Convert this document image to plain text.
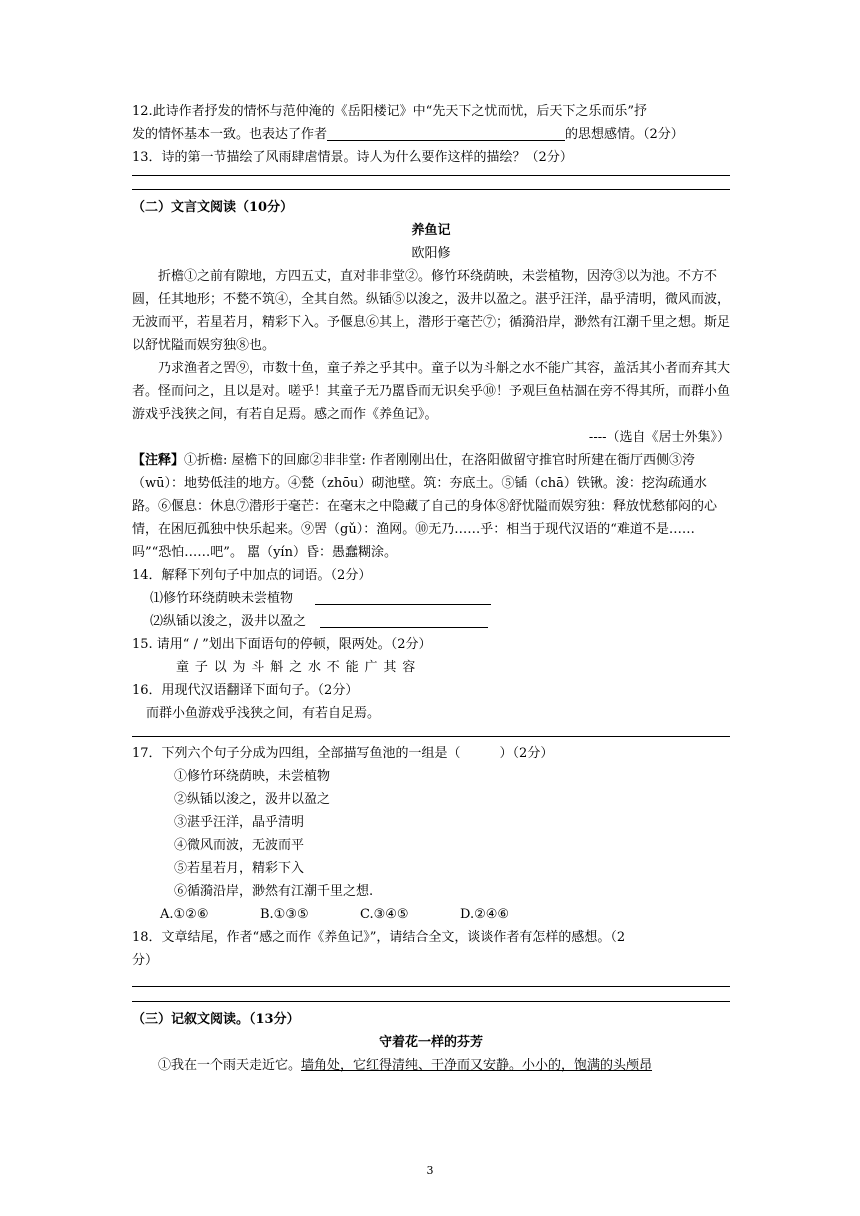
12.此诗作者抒发的情怀与范仲淹的《岳阳楼记》中“先天下之忧而忧，后天下之乐而乐”抒

发的情怀基本一致。也表达了作者	的思想感情。（2分）

13．诗的第一节描绘了风雨肆虐情景。诗人为什么要作这样的描绘？（2分）

（二）文言文阅读（10分）

养鱼记

欧阳修

折檐①之前有隙地，方四五丈，直对非非堂②。修竹环绕荫映，未尝植物，因洿③以为池。不方不圆，任其地形；不甃不筑④，全其自然。纵锸⑤以浚之，汲井以盈之。湛乎汪洋，晶乎清明，微风而波，无波而平，若星若月，精彩下入。予偃息⑥其上，潜形于毫芒⑦；循漪沿岸，渺然有江潮千里之想。斯足以舒忧隘而娱穷独⑧也。

乃求渔者之罟⑨，市数十鱼，童子养之乎其中。童子以为斗斛之水不能广其容，盖活其小者而弃其大者。怪而问之，且以是对。嗟乎！其童子无乃嚚昏而无识矣乎⑩！予观巨鱼枯涸在旁不得其所，而群小鱼游戏乎浅狭之间，有若自足焉。感之而作《养鱼记》。

----（选自《居士外集》）

【注释】①折檐: 屋檐下的回廊②非非堂: 作者刚刚出仕，在洛阳做留守推官时所建在衙厅西侧③洿（wū）：地势低洼的地方。④甃（zhōu）砌池壁。筑：夯底土。⑤锸（chā）铁锹。浚：挖沟疏通水路。⑥偃息：休息⑦潜形于毫芒：在毫末之中隐藏了自己的身体⑧舒忧隘而娱穷独：释放忧愁郁闷的心情，在困厄孤独中快乐起来。⑨罟（gǔ）：渔网。⑩无乃……乎：相当于现代汉语的“难道不是……吗”“恐怕……吧”。 嚚（yín）昏：愚蠢糊涂。

14．解释下列句子中加点的词语。（2分）

⑴修竹环绕荫映未尝植物

⑵纵锸以浚之，汲井以盈之

15. 请用“ / ”划出下面语句的停顿，限两处。（2分）

童子以为斗斛之水不能广其容

16．用现代汉语翻译下面句子。（2分）

而群小鱼游戏乎浅狭之间，有若自足焉。

17．下列六个句子分成为四组，全部描写鱼池的一组是（　　　）（2分）

①修竹环绕荫映，未尝植物

②纵锸以浚之，汲井以盈之

③湛乎汪洋，晶乎清明

④微风而波，无波而平

⑤若星若月，精彩下入

⑥循漪沿岸，渺然有江潮千里之想.

A.①②⑥	B.①③⑤	C.③④⑤	D.②④⑥

18．文章结尾，作者“感之而作《养鱼记》”，请结合全文，谈谈作者有怎样的感想。（2

分）

（三）记叙文阅读。（13分）

守着花一样的芬芳

①我在一个雨天走近它。墙角处，它红得清纯、干净而又安静。小小的，饱满的头颅昂

3
